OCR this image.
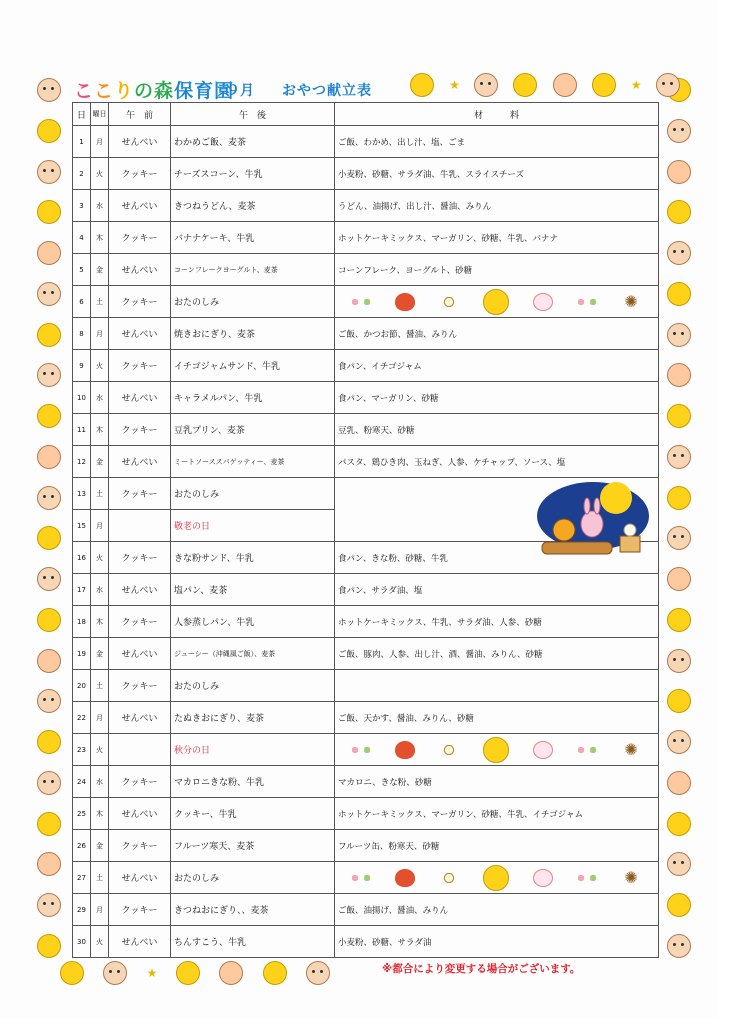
★	★
★
ここりの森保育園
９月 おやつ献立表
日	曜日	午　前	午　後	材　　　料
1	月	せんべい	わかめご飯、麦茶	ご飯、わかめ、出し汁、塩、ごま
2	火	クッキー	チーズスコーン、牛乳	小麦粉、砂糖、サラダ油、牛乳、スライスチーズ
3	水	せんべい	きつねうどん、麦茶	うどん、油揚げ、出し汁、醤油、みりん
4	木	クッキー	バナナケーキ、牛乳	ホットケーキミックス、マーガリン、砂糖、牛乳、バナナ
5	金	せんべい	コーンフレークヨーグルト、麦茶	コーンフレーク、ヨーグルト、砂糖
6	土	クッキー	おたのしみ	
✺

8	月	せんべい	焼きおにぎり、麦茶	ご飯、かつお節、醤油、みりん
9	火	クッキー	イチゴジャムサンド、牛乳	食パン、イチゴジャム
10	水	せんべい	キャラメルパン、牛乳	食パン、マーガリン、砂糖
11	木	クッキー	豆乳プリン、麦茶	豆乳、粉寒天、砂糖
12	金	せんべい	ミートソーススパゲッティー、麦茶	パスタ、鶏ひき肉、玉ねぎ、人参、ケチャップ、ソース、塩
13	土	クッキー	おたのしみ	
15	月		敬老の日	
16	火	クッキー	きな粉サンド、牛乳	食パン、きな粉、砂糖、牛乳
17	水	せんべい	塩パン、麦茶	食パン、サラダ油、塩
18	木	クッキー	人参蒸しパン、牛乳	ホットケーキミックス、牛乳、サラダ油、人参、砂糖
19	金	せんべい	ジューシー（沖縄風ご飯）、麦茶	ご飯、豚肉、人参、出し汁、酒、醤油、みりん、砂糖
20	土	クッキー	おたのしみ	
22	月	せんべい	たぬきおにぎり、麦茶	ご飯、天かす、醤油、みりん、砂糖
23	火		秋分の日	
✺

24	水	クッキー	マカロニきな粉、牛乳	マカロニ、きな粉、砂糖
25	木	せんべい	クッキー、牛乳	ホットケーキミックス、マーガリン、砂糖、牛乳、イチゴジャム
26	金	クッキー	フルーツ寒天、麦茶	フルーツ缶、粉寒天、砂糖
27	土	せんべい	おたのしみ	
✺

29	月	クッキー	きつねおにぎり、、麦茶	ご飯、油揚げ、醤油、みりん
30	火	せんべい	ちんすこう、牛乳	小麦粉、砂糖、サラダ油
※都合により変更する場合がございます。
